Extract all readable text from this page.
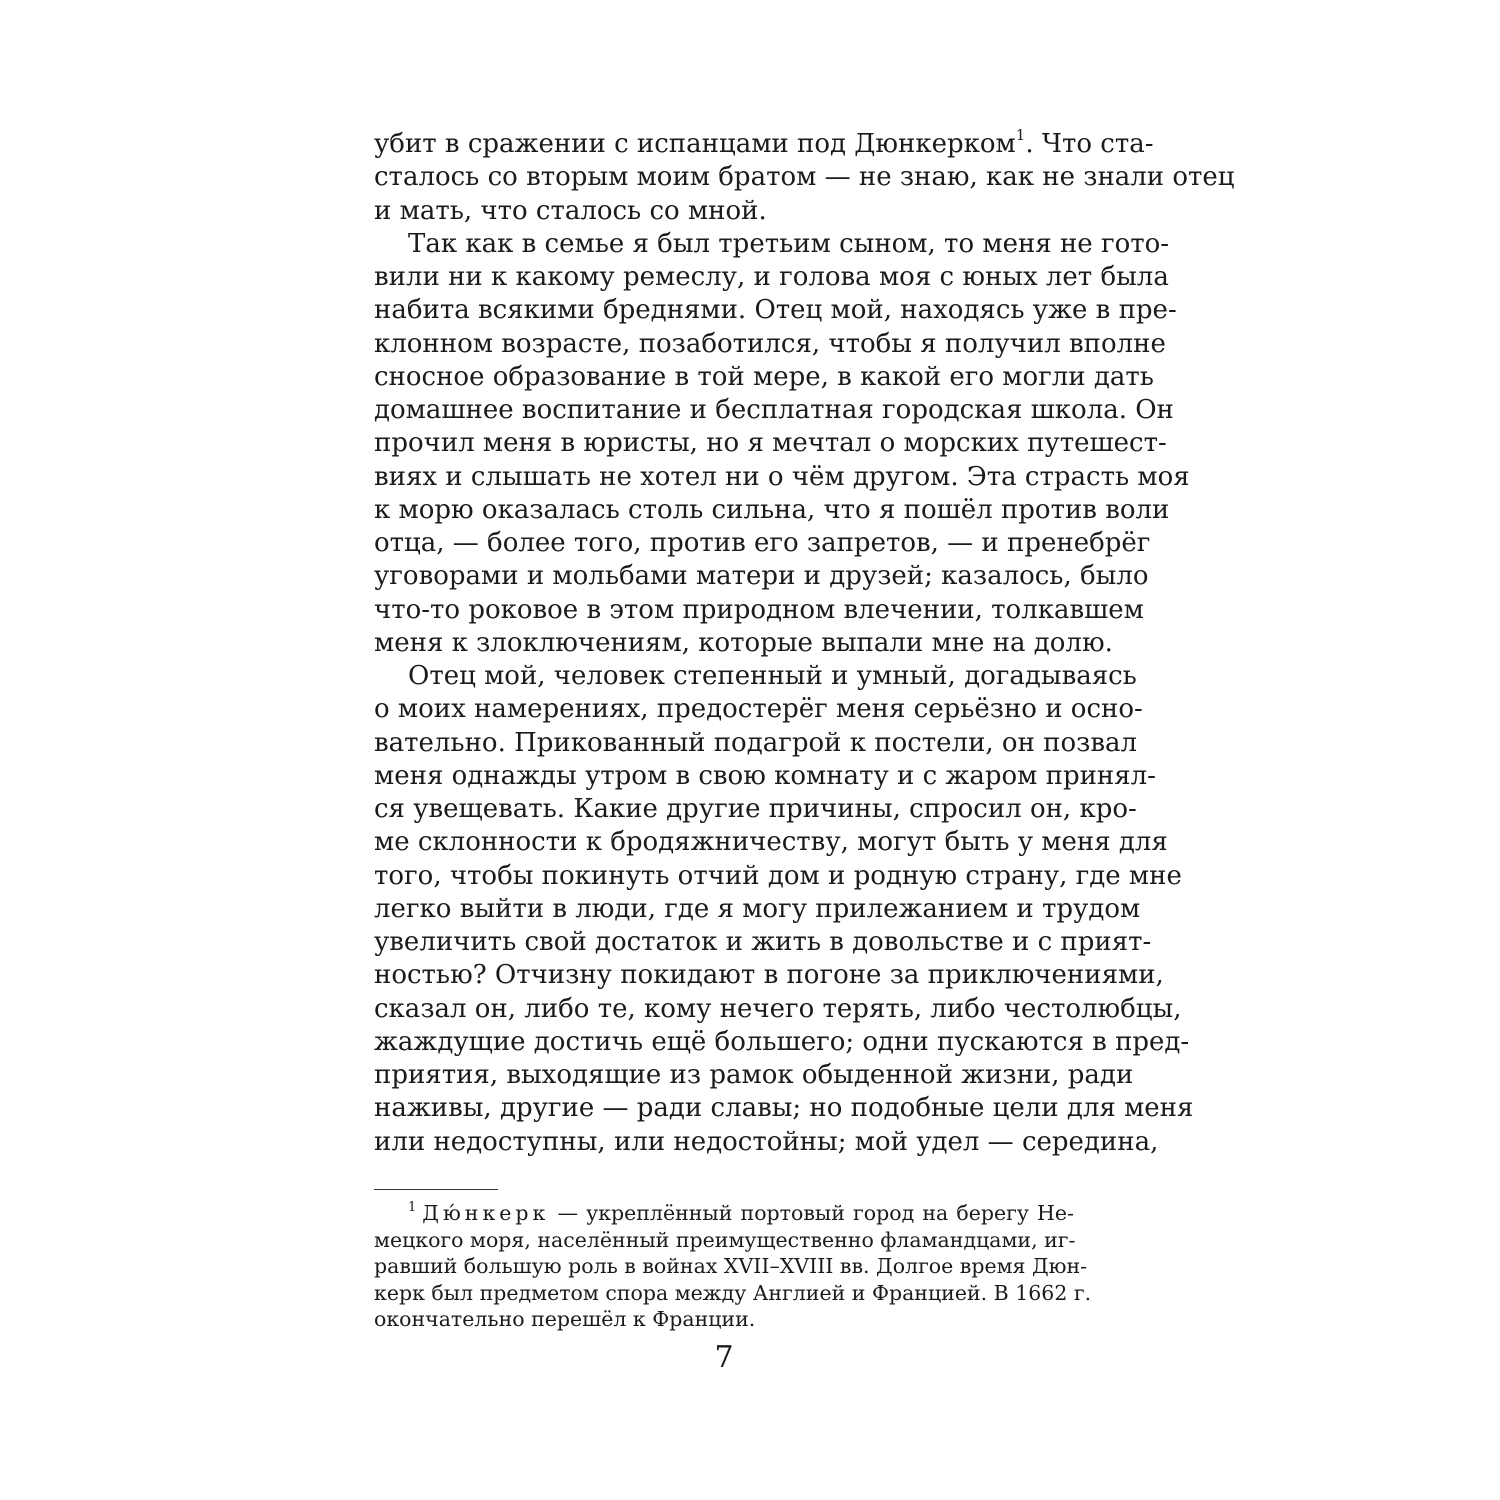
убит в сражении с испанцами под Дюнкерком$^1$. Что ста-
сталось со вторым моим братом — не знаю, как не знали отец
и мать, что сталось со мной.
Так как в семье я был третьим сыном, то меня не гото-
вили ни к какому ремеслу, и голова моя с юных лет была
набита всякими бреднями. Отец мой, находясь уже в пре-
клонном возрасте, позаботился, чтобы я получил вполне
сносное образование в той мере, в какой его могли дать
домашнее воспитание и бесплатная городская школа. Он
прочил меня в юристы, но я мечтал о морских путешест-
виях и слышать не хотел ни о чём другом. Эта страсть моя
к морю оказалась столь сильна, что я пошёл против воли
отца, — более того, против его запретов, — и пренебрёг
уговорами и мольбами матери и друзей; казалось, было
что-то роковое в этом природном влечении, толкавшем
меня к злоключениям, которые выпали мне на долю.
Отец мой, человек степенный и умный, догадываясь
о моих намерениях, предостерёг меня серьёзно и осно-
вательно. Прикованный подагрой к постели, он позвал
меня однажды утром в свою комнату и с жаром принял-
ся увещевать. Какие другие причины, спросил он, кро-
ме склонности к бродяжничеству, могут быть у меня для
того, чтобы покинуть отчий дом и родную страну, где мне
легко выйти в люди, где я могу прилежанием и трудом
увеличить свой достаток и жить в довольстве и с прият-
ностью? Отчизну покидают в погоне за приключениями,
сказал он, либо те, кому нечего терять, либо честолюбцы,
жаждущие достичь ещё большего; одни пускаются в пред-
приятия, выходящие из рамок обыденной жизни, ради
наживы, другие — ради славы; но подобные цели для меня
или недоступны, или недостойны; мой удел — середина,
$^1$ Дю́нкерк — укреплённый портовый город на берегу Не-
мецкого моря, населённый преимущественно фламандцами, иг-
равший большую роль в войнах XVII–XVIII вв. Долгое время Дюн-
керк был предметом спора между Англией и Францией. В 1662 г.
окончательно перешёл к Франции.
7
